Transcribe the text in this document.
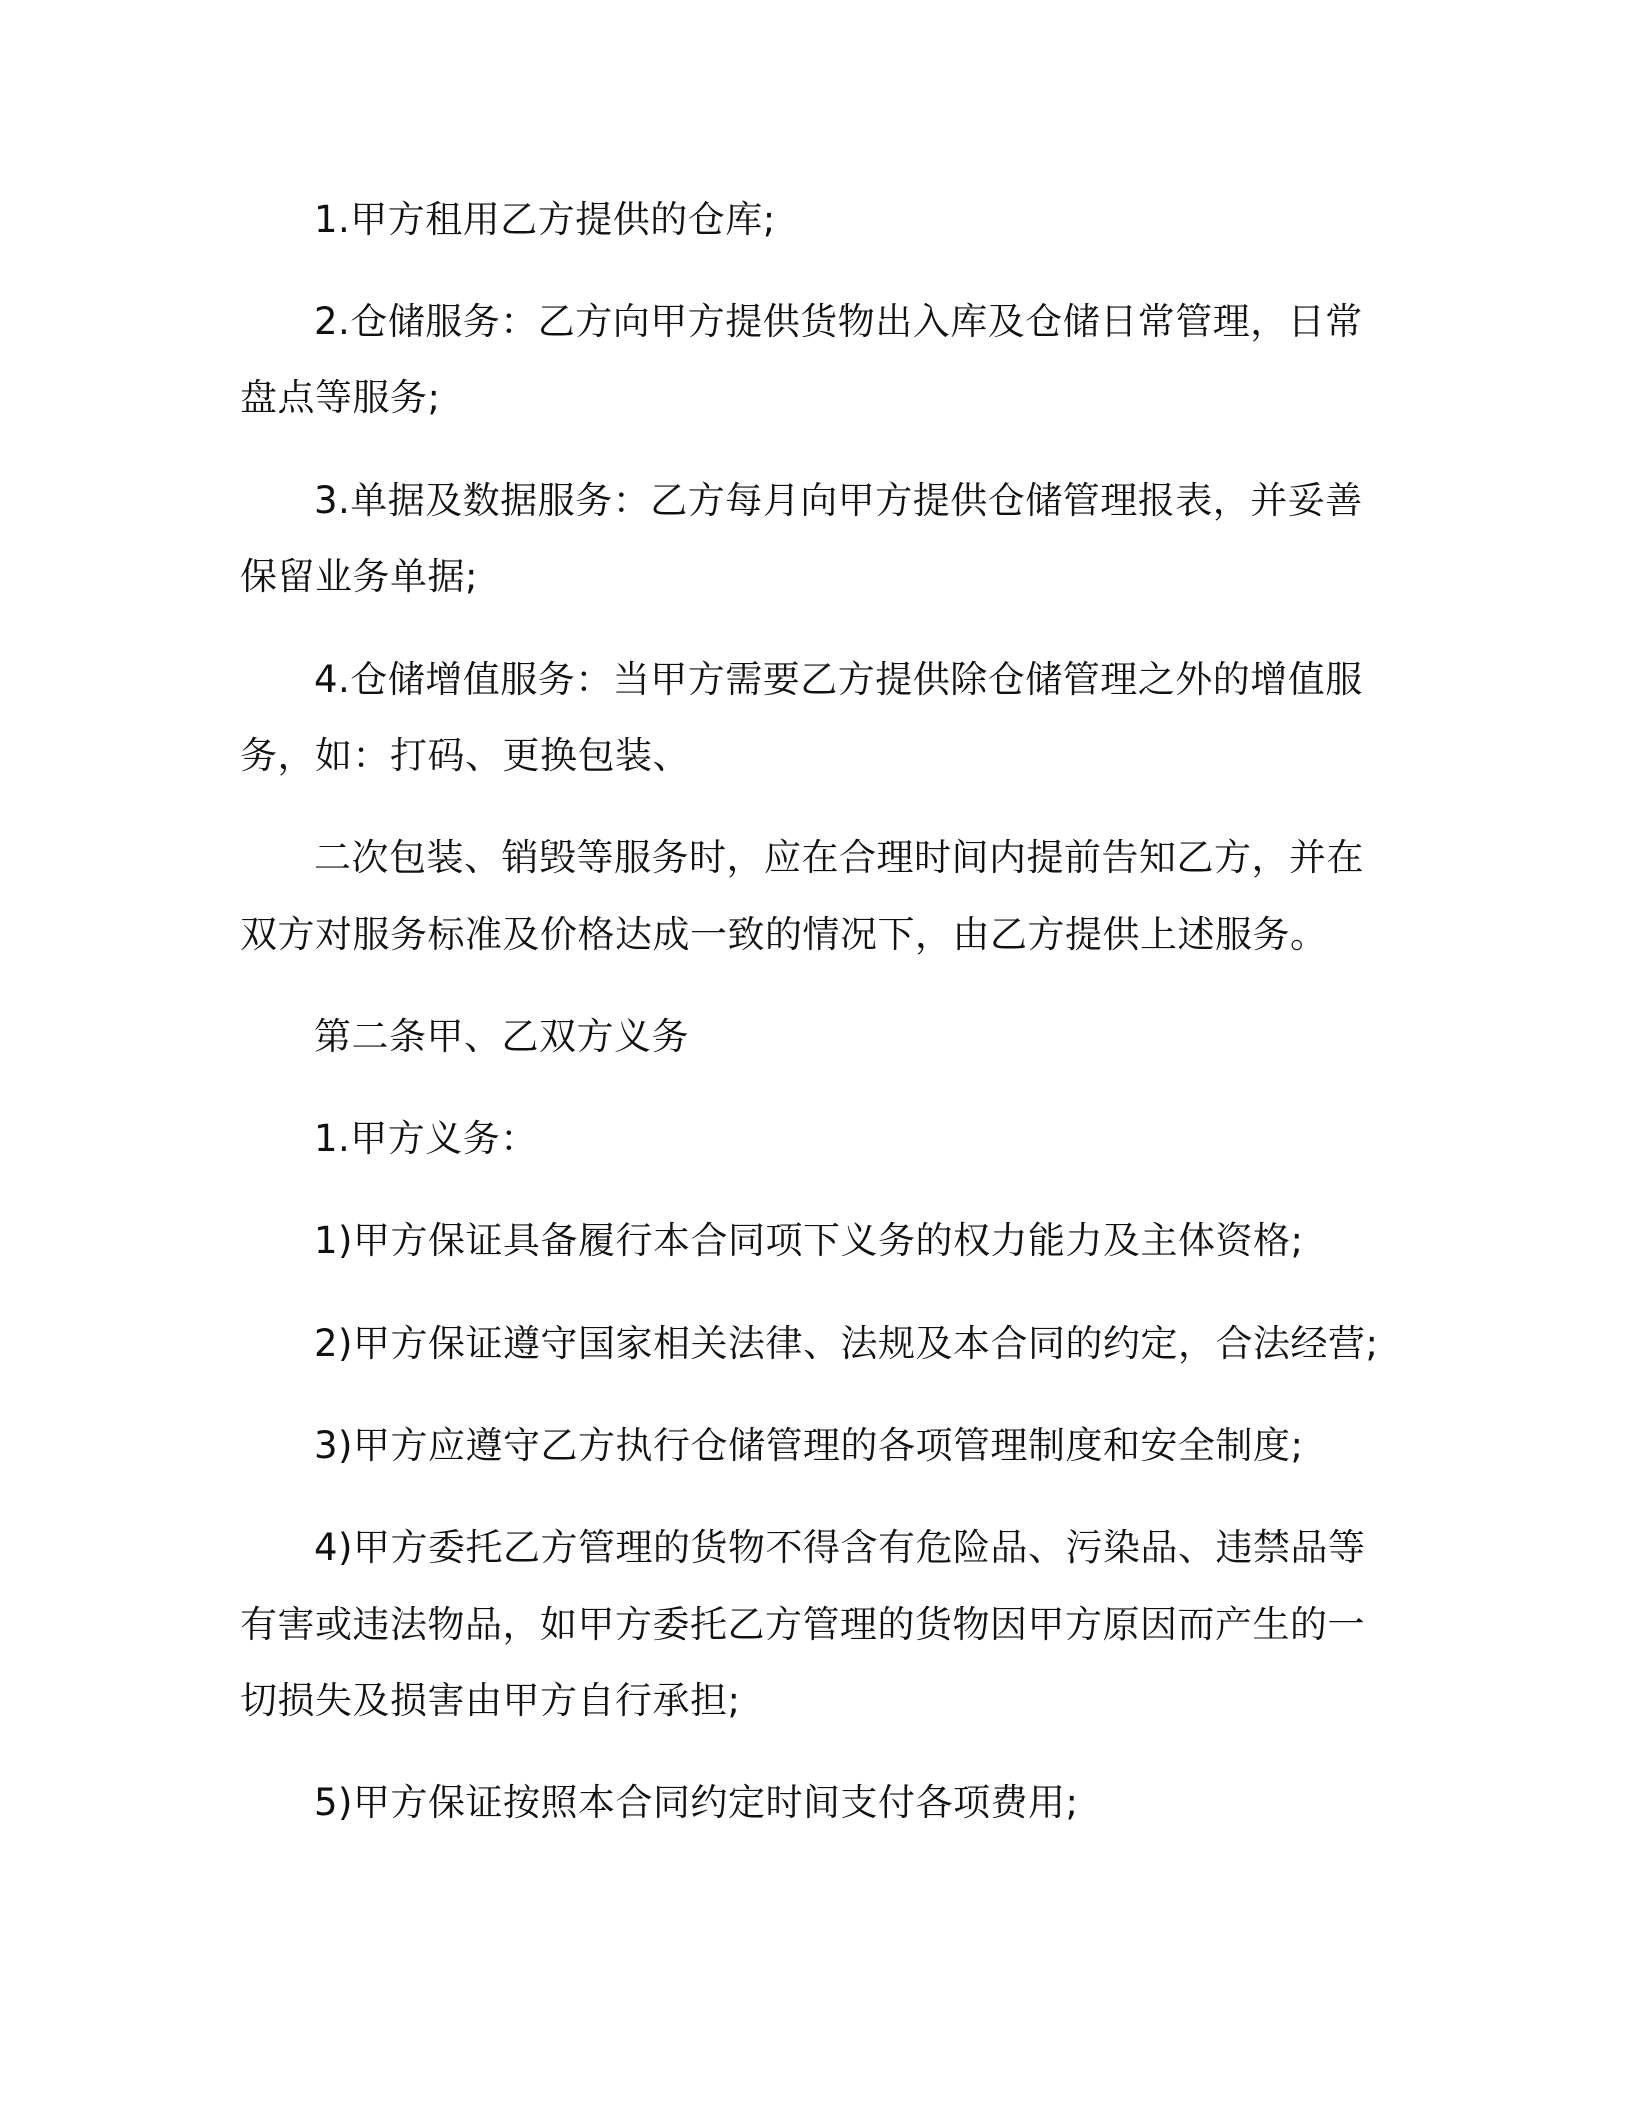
1.甲方租用乙方提供的仓库;
2.仓储服务：乙方向甲方提供货物出入库及仓储日常管理，日常
盘点等服务;
3.单据及数据服务：乙方每月向甲方提供仓储管理报表，并妥善
保留业务单据;
4.仓储增值服务：当甲方需要乙方提供除仓储管理之外的增值服
务，如：打码、更换包装、
二次包装、销毁等服务时，应在合理时间内提前告知乙方，并在
双方对服务标准及价格达成一致的情况下，由乙方提供上述服务。
第二条甲、乙双方义务
1.甲方义务：
1)甲方保证具备履行本合同项下义务的权力能力及主体资格;
2)甲方保证遵守国家相关法律、法规及本合同的约定，合法经营;
3)甲方应遵守乙方执行仓储管理的各项管理制度和安全制度;
4)甲方委托乙方管理的货物不得含有危险品、污染品、违禁品等
有害或违法物品，如甲方委托乙方管理的货物因甲方原因而产生的一
切损失及损害由甲方自行承担;
5)甲方保证按照本合同约定时间支付各项费用;
